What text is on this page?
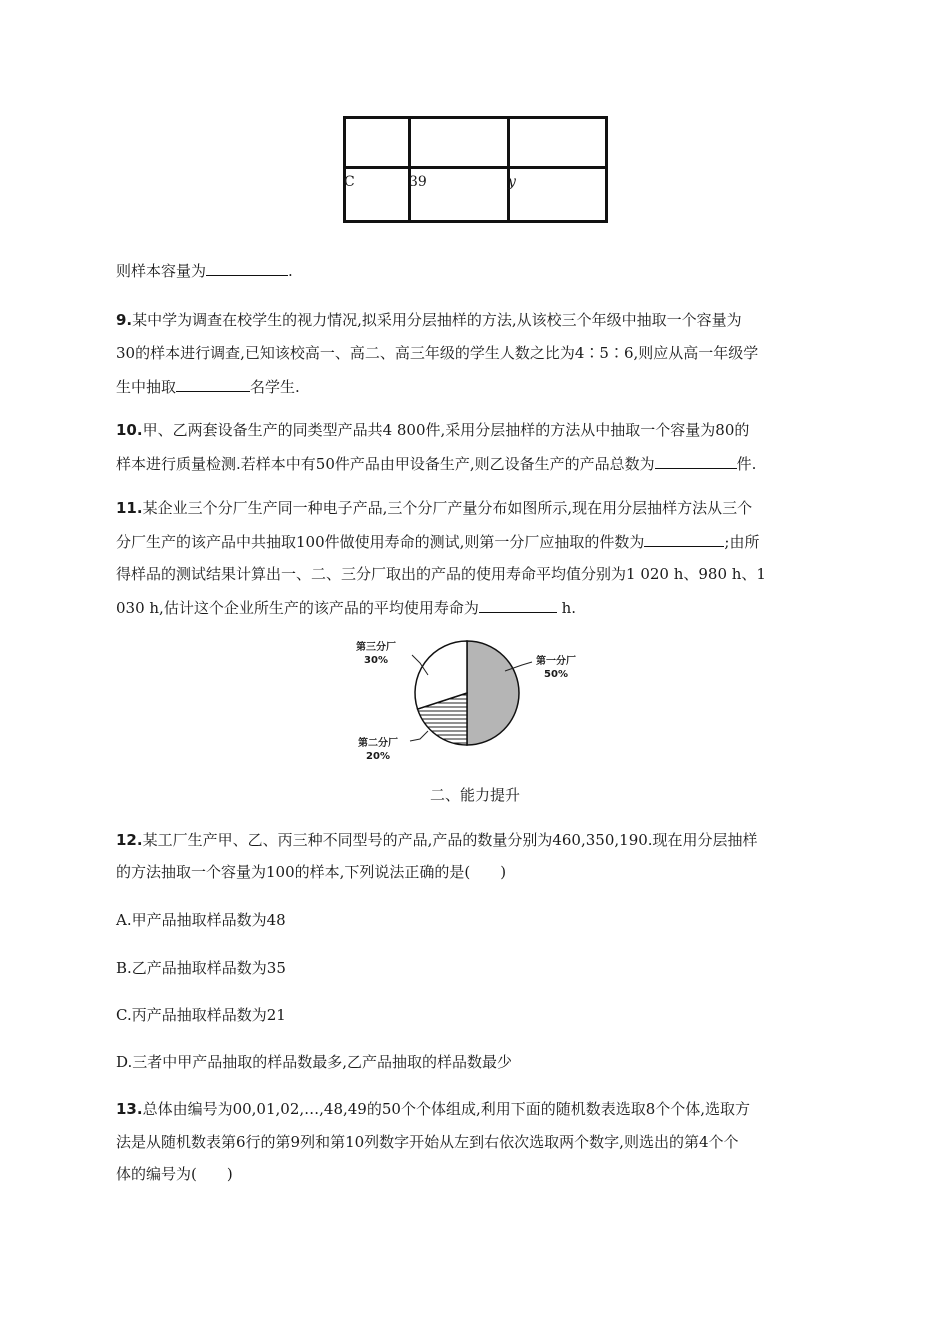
C	39	y
则样本容量为	.
9.某中学为调查在校学生的视力情况,拟采用分层抽样的方法,从该校三个年级中抽取一个容量为
30的样本进行调查,已知该校高一、高二、高三年级的学生人数之比为4∶5∶6,则应从高一年级学
生中抽取	名学生.
10.甲、乙两套设备生产的同类型产品共4 800件,采用分层抽样的方法从中抽取一个容量为80的
样本进行质量检测.若样本中有50件产品由甲设备生产,则乙设备生产的产品总数为	件.
11.某企业三个分厂生产同一种电子产品,三个分厂产量分布如图所示,现在用分层抽样方法从三个
分厂生产的该产品中共抽取100件做使用寿命的测试,则第一分厂应抽取的件数为	;由所
得样品的测试结果计算出一、二、三分厂取出的产品的使用寿命平均值分别为1 020 h、980 h、1
030 h,估计这个企业所生产的该产品的平均使用寿命为	h.
第一分厂
50%
第三分厂
30%
第二分厂
20%
二、能力提升
12.某工厂生产甲、乙、丙三种不同型号的产品,产品的数量分别为460,350,190.现在用分层抽样
的方法抽取一个容量为100的样本,下列说法正确的是(　　)
A.甲产品抽取样品数为48
B.乙产品抽取样品数为35
C.丙产品抽取样品数为21
D.三者中甲产品抽取的样品数最多,乙产品抽取的样品数最少
13.总体由编号为00,01,02,…,48,49的50个个体组成,利用下面的随机数表选取8个个体,选取方
法是从随机数表第6行的第9列和第10列数字开始从左到右依次选取两个数字,则选出的第4个个
体的编号为(　　)
